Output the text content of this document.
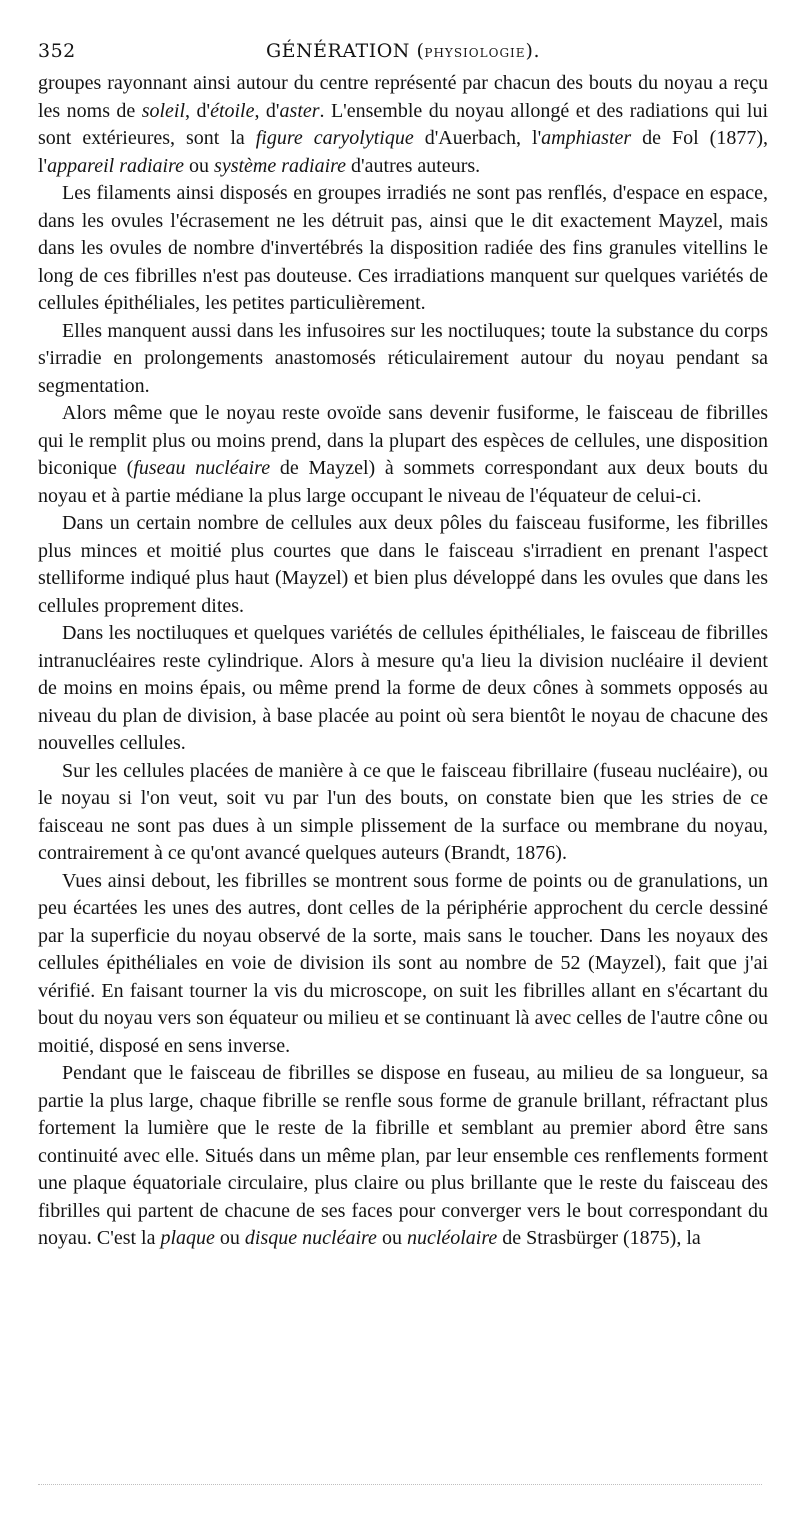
352	GÉNÉRATION (PHYSIOLOGIE).

groupes rayonnant ainsi autour du centre représenté par chacun des bouts du noyau a reçu les noms de soleil, d'étoile, d'aster. L'ensemble du noyau allongé et des radiations qui lui sont extérieures, sont la figure caryolytique d'Auerbach, l'amphiaster de Fol (1877), l'appareil radiaire ou système radiaire d'autres auteurs.

Les filaments ainsi disposés en groupes irradiés ne sont pas renflés, d'espace en espace, dans les ovules l'écrasement ne les détruit pas, ainsi que le dit exactement Mayzel, mais dans les ovules de nombre d'invertébrés la disposition radiée des fins granules vitellins le long de ces fibrilles n'est pas douteuse. Ces irradiations manquent sur quelques variétés de cellules épithéliales, les petites particulièrement.

Elles manquent aussi dans les infusoires sur les noctiluques; toute la substance du corps s'irradie en prolongements anastomosés réticulairement autour du noyau pendant sa segmentation.

Alors même que le noyau reste ovoïde sans devenir fusiforme, le faisceau de fibrilles qui le remplit plus ou moins prend, dans la plupart des espèces de cellules, une disposition biconique (fuseau nucléaire de Mayzel) à sommets correspondant aux deux bouts du noyau et à partie médiane la plus large occupant le niveau de l'équateur de celui-ci.

Dans un certain nombre de cellules aux deux pôles du faisceau fusiforme, les fibrilles plus minces et moitié plus courtes que dans le faisceau s'irradient en prenant l'aspect stelliforme indiqué plus haut (Mayzel) et bien plus développé dans les ovules que dans les cellules proprement dites.

Dans les noctiluques et quelques variétés de cellules épithéliales, le faisceau de fibrilles intranucléaires reste cylindrique. Alors à mesure qu'a lieu la division nucléaire il devient de moins en moins épais, ou même prend la forme de deux cônes à sommets opposés au niveau du plan de division, à base placée au point où sera bientôt le noyau de chacune des nouvelles cellules.

Sur les cellules placées de manière à ce que le faisceau fibrillaire (fuseau nucléaire), ou le noyau si l'on veut, soit vu par l'un des bouts, on constate bien que les stries de ce faisceau ne sont pas dues à un simple plissement de la surface ou membrane du noyau, contrairement à ce qu'ont avancé quelques auteurs (Brandt, 1876).

Vues ainsi debout, les fibrilles se montrent sous forme de points ou de granulations, un peu écartées les unes des autres, dont celles de la périphérie approchent du cercle dessiné par la superficie du noyau observé de la sorte, mais sans le toucher. Dans les noyaux des cellules épithéliales en voie de division ils sont au nombre de 52 (Mayzel), fait que j'ai vérifié. En faisant tourner la vis du microscope, on suit les fibrilles allant en s'écartant du bout du noyau vers son équateur ou milieu et se continuant là avec celles de l'autre cône ou moitié, disposé en sens inverse.

Pendant que le faisceau de fibrilles se dispose en fuseau, au milieu de sa longueur, sa partie la plus large, chaque fibrille se renfle sous forme de granule brillant, réfractant plus fortement la lumière que le reste de la fibrille et semblant au premier abord être sans continuité avec elle. Situés dans un même plan, par leur ensemble ces renflements forment une plaque équatoriale circulaire, plus claire ou plus brillante que le reste du faisceau des fibrilles qui partent de chacune de ses faces pour converger vers le bout correspondant du noyau. C'est la plaque ou disque nucléaire ou nucléolaire de Strasbürger (1875), la
